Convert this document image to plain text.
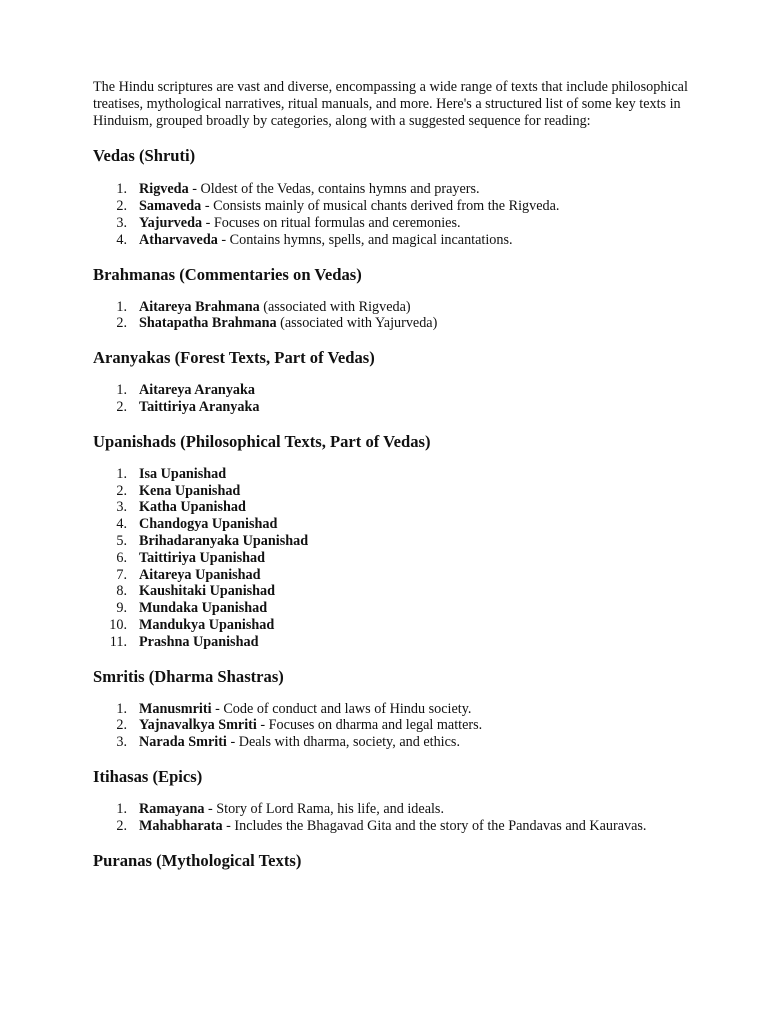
The Hindu scriptures are vast and diverse, encompassing a wide range of texts that include philosophical treatises, mythological narratives, ritual manuals, and more. Here's a structured list of some key texts in Hinduism, grouped broadly by categories, along with a suggested sequence for reading:

Vedas (Shruti)
1. Rigveda - Oldest of the Vedas, contains hymns and prayers.
2. Samaveda - Consists mainly of musical chants derived from the Rigveda.
3. Yajurveda - Focuses on ritual formulas and ceremonies.
4. Atharvaveda - Contains hymns, spells, and magical incantations.
Brahmanas (Commentaries on Vedas)
1. Aitareya Brahmana (associated with Rigveda)
2. Shatapatha Brahmana (associated with Yajurveda)
Aranyakas (Forest Texts, Part of Vedas)
1. Aitareya Aranyaka
2. Taittiriya Aranyaka
Upanishads (Philosophical Texts, Part of Vedas)
1. Isa Upanishad
2. Kena Upanishad
3. Katha Upanishad
4. Chandogya Upanishad
5. Brihadaranyaka Upanishad
6. Taittiriya Upanishad
7. Aitareya Upanishad
8. Kaushitaki Upanishad
9. Mundaka Upanishad
10. Mandukya Upanishad
11. Prashna Upanishad
Smritis (Dharma Shastras)
1. Manusmriti - Code of conduct and laws of Hindu society.
2. Yajnavalkya Smriti - Focuses on dharma and legal matters.
3. Narada Smriti - Deals with dharma, society, and ethics.
Itihasas (Epics)
1. Ramayana - Story of Lord Rama, his life, and ideals.
2. Mahabharata - Includes the Bhagavad Gita and the story of the Pandavas and Kauravas.
Puranas (Mythological Texts)
